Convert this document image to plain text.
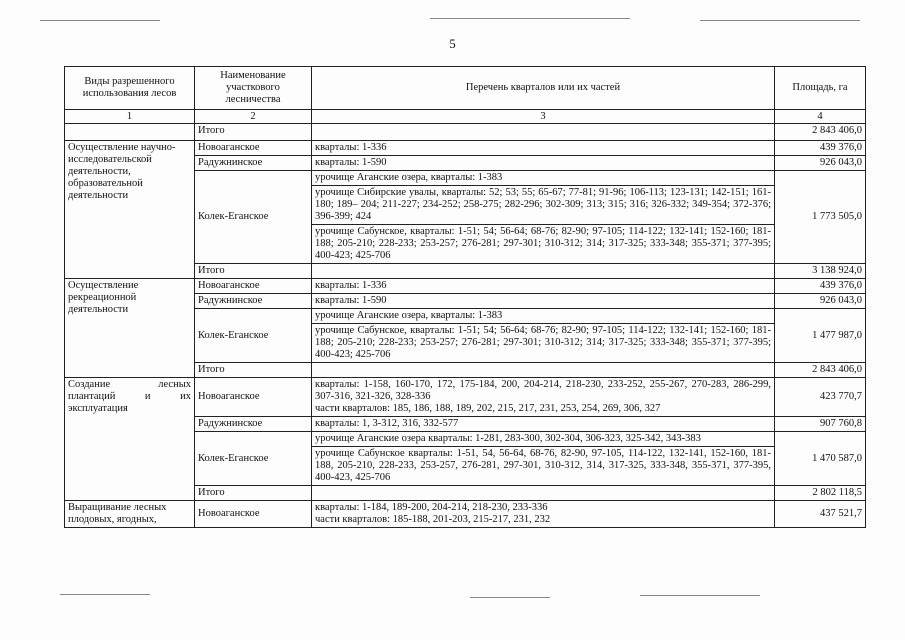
5
Виды разрешенного использования лесов	Наименование участкового лесничества	Перечень кварталов или их частей	Площадь, га
1	2	3	4
	Итого		2 843 406,0
Осуществление научно-исследовательской деятельности, образовательной деятельности	Новоаганское	кварталы: 1-336	439 376,0
	Радужнинское	кварталы: 1-590	926 043,0
	Колек-Еганское	урочище Аганские озера, кварталы: 1-383	1 773 505,0
		урочище Сибирские увалы, кварталы: 52; 53; 55; 65-67; 77-81; 91-96; 106-113; 123-131; 142-151; 161-180; 189– 204; 211-227; 234-252; 258-275; 282-296; 302-309; 313; 315; 316; 326-332; 349-354; 372-376; 396-399; 424	
		урочище Сабунское, кварталы: 1-51; 54; 56-64; 68-76; 82-90; 97-105; 114-122; 132-141; 152-160; 181-188; 205-210; 228-233; 253-257; 276-281; 297-301; 310-312; 314; 317-325; 333-348; 355-371; 377-395; 400-423; 425-706	
	Итого		3 138 924,0
Осуществление рекреационной деятельности	Новоаганское	кварталы: 1-336	439 376,0
	Радужнинское	кварталы: 1-590	926 043,0
	Колек-Еганское	урочище Аганские озера, кварталы: 1-383	1 477 987,0
		урочище Сабунское, кварталы: 1-51; 54; 56-64; 68-76; 82-90; 97-105; 114-122; 132-141; 152-160; 181-188; 205-210; 228-233; 253-257; 276-281; 297-301; 310-312; 314; 317-325; 333-348; 355-371; 377-395; 400-423; 425-706	
	Итого		2 843 406,0
Создание лесных плантаций и их эксплуатация	Новоаганское	кварталы: 1-158, 160-170, 172, 175-184, 200, 204-214, 218-230, 233-252, 255-267, 270-283, 286-299, 307-316, 321-326, 328-336
части кварталов: 185, 186, 188, 189, 202, 215, 217, 231, 253, 254, 269, 306, 327	423 770,7
	Радужнинское	кварталы: 1, 3-312, 316, 332-577	907 760,8
	Колек-Еганское	урочище Аганские озера кварталы: 1-281, 283-300, 302-304, 306-323, 325-342, 343-383	1 470 587,0
		урочище Сабунское кварталы: 1-51, 54, 56-64, 68-76, 82-90, 97-105, 114-122, 132-141, 152-160, 181-188, 205-210, 228-233, 253-257, 276-281, 297-301, 310-312, 314, 317-325, 333-348, 355-371, 377-395, 400-423, 425-706	
	Итого		2 802 118,5
Выращивание лесных плодовых, ягодных,	Новоаганское	кварталы: 1-184, 189-200, 204-214, 218-230, 233-336
части кварталов: 185-188, 201-203, 215-217, 231, 232	437 521,7
